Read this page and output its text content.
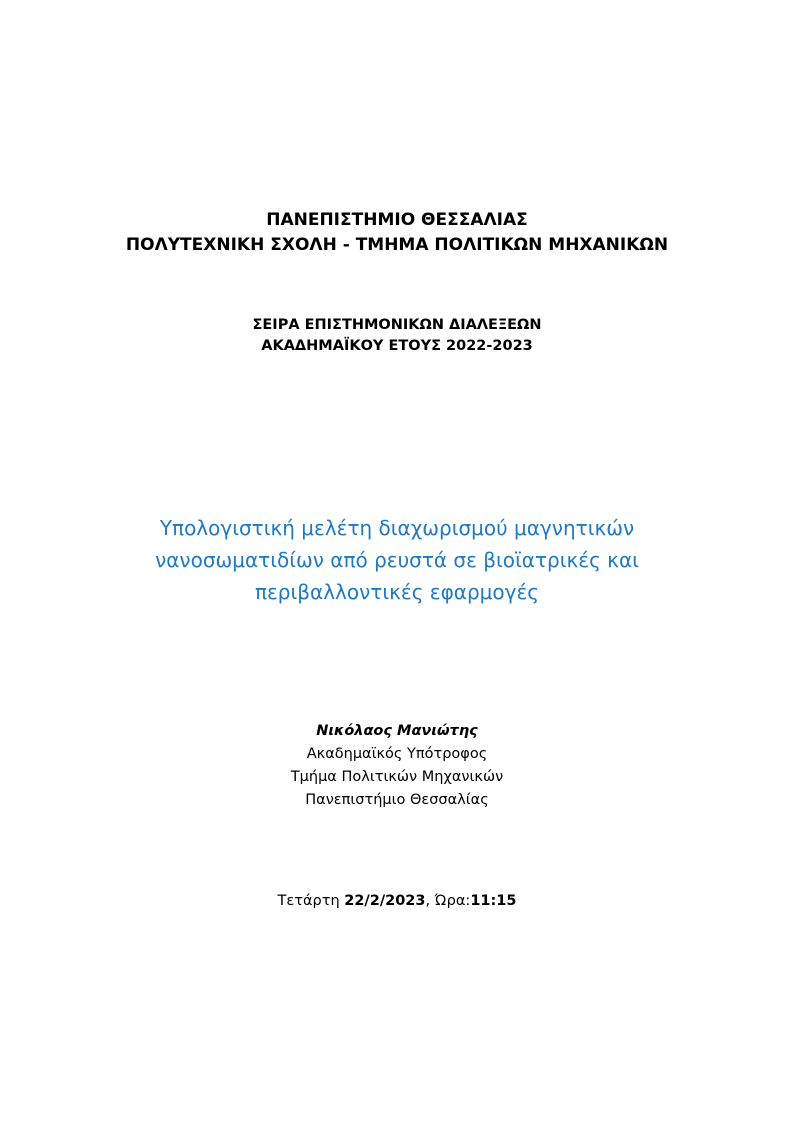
ΠΑΝΕΠΙΣΤΗΜΙΟ ΘΕΣΣΑΛΙΑΣ
ΠΟΛΥΤΕΧΝΙΚΗ ΣΧΟΛΗ - ΤΜΗΜΑ ΠΟΛΙΤΙΚΩΝ ΜΗΧΑΝΙΚΩΝ
ΣΕΙΡΑ ΕΠΙΣΤΗΜΟΝΙΚΩΝ ΔΙΑΛΕΞΕΩΝ
ΑΚΑΔΗΜΑΪΚΟΥ ΕΤΟΥΣ 2022-2023
Υπολογιστική μελέτη διαχωρισμού μαγνητικών
νανοσωματιδίων από ρευστά σε βιοϊατρικές και
περιβαλλοντικές εφαρμογές
Νικόλαος Μανιώτης
Ακαδημαϊκός Υπότροφος
Τμήμα Πολιτικών Μηχανικών
Πανεπιστήμιο Θεσσαλίας
Τετάρτη 22/2/2023, Ώρα:11:15
